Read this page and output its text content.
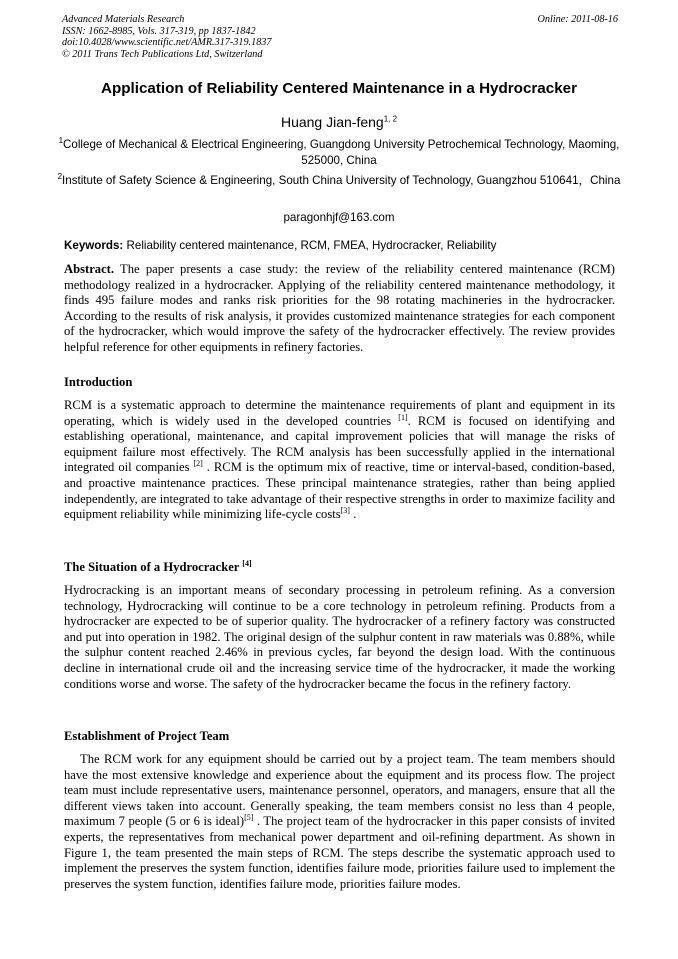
Advanced Materials Research
ISSN: 1662-8985, Vols. 317-319, pp 1837-1842
doi:10.4028/www.scientific.net/AMR.317-319.1837
© 2011 Trans Tech Publications Ltd, Switzerland
Online: 2011-08-16
Application of Reliability Centered Maintenance in a Hydrocracker
Huang Jian-feng$^{1, 2}$
$^1$College of Mechanical & Electrical Engineering, Guangdong University Petrochemical Technology, Maoming, 525000, China
$^2$Institute of Safety Science & Engineering, South China University of Technology, Guangzhou 510641，China
paragonhjf@163.com
Keywords: Reliability centered maintenance, RCM, FMEA, Hydrocracker, Reliability
Abstract. The paper presents a case study: the review of the reliability centered maintenance (RCM) methodology realized in a hydrocracker. Applying of the reliability centered maintenance methodology, it finds 495 failure modes and ranks risk priorities for the 98 rotating machineries in the hydrocracker. According to the results of risk analysis, it provides customized maintenance strategies for each component of the hydrocracker, which would improve the safety of the hydrocracker effectively. The review provides helpful reference for other equipments in refinery factories.
Introduction
RCM is a systematic approach to determine the maintenance requirements of plant and equipment in its operating, which is widely used in the developed countries [1]. RCM is focused on identifying and establishing operational, maintenance, and capital improvement policies that will manage the risks of equipment failure most effectively. The RCM analysis has been successfully applied in the international integrated oil companies [2] . RCM is the optimum mix of reactive, time or interval-based, condition-based, and proactive maintenance practices. These principal maintenance strategies, rather than being applied independently, are integrated to take advantage of their respective strengths in order to maximize facility and equipment reliability while minimizing life-cycle costs[3] .
The Situation of a Hydrocracker [4]
Hydrocracking is an important means of secondary processing in petroleum refining. As a conversion technology, Hydrocracking will continue to be a core technology in petroleum refining. Products from a hydrocracker are expected to be of superior quality. The hydrocracker of a refinery factory was constructed and put into operation in 1982. The original design of the sulphur content in raw materials was 0.88%, while the sulphur content reached 2.46% in previous cycles, far beyond the design load. With the continuous decline in international crude oil and the increasing service time of the hydrocracker, it made the working conditions worse and worse. The safety of the hydrocracker became the focus in the refinery factory.
Establishment of Project Team
The RCM work for any equipment should be carried out by a project team. The team members should have the most extensive knowledge and experience about the equipment and its process flow. The project team must include representative users, maintenance personnel, operators, and managers, ensure that all the different views taken into account. Generally speaking, the team members consist no less than 4 people, maximum 7 people (5 or 6 is ideal)[5] . The project team of the hydrocracker in this paper consists of invited experts, the representatives from mechanical power department and oil-refining department. As shown in Figure 1, the team presented the main steps of RCM. The steps describe the systematic approach used to implement the preserves the system function, identifies failure mode, priorities failure used to implement the preserves the system function, identifies failure mode, priorities failure modes.
